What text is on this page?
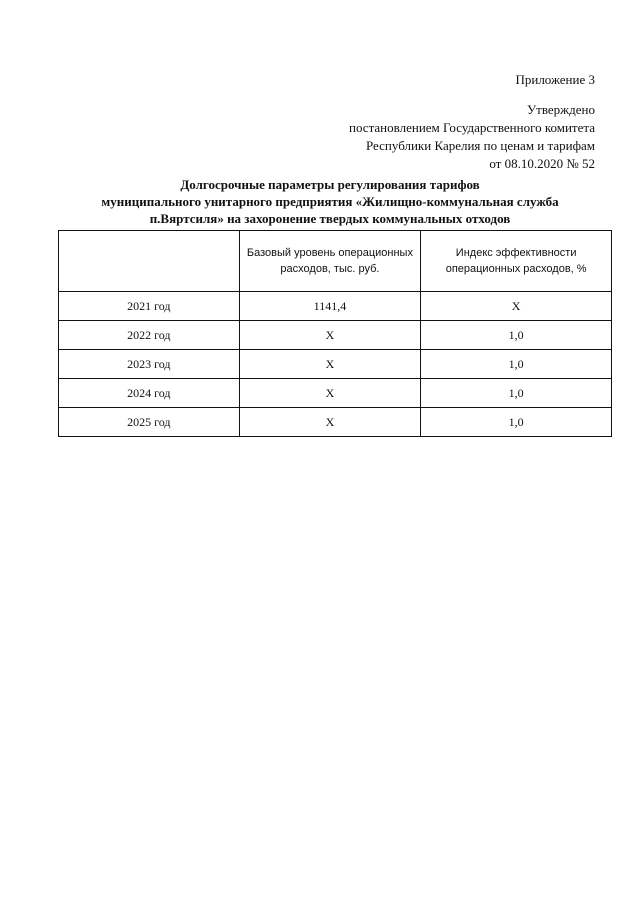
Приложение 3
Утверждено
постановлением Государственного комитета
Республики Карелия по ценам и тарифам
от 08.10.2020 № 52
Долгосрочные параметры регулирования тарифов
муниципального унитарного предприятия «Жилищно-коммунальная служба
п.Вяртсиля» на захоронение твердых коммунальных отходов

	Базовый уровень операционных расходов, тыс. руб.	Индекс эффективности операционных расходов, %

2021 год	1141,4	Х
2022 год	Х	1,0
2023 год	Х	1,0
2024 год	Х	1,0
2025 год	Х	1,0
